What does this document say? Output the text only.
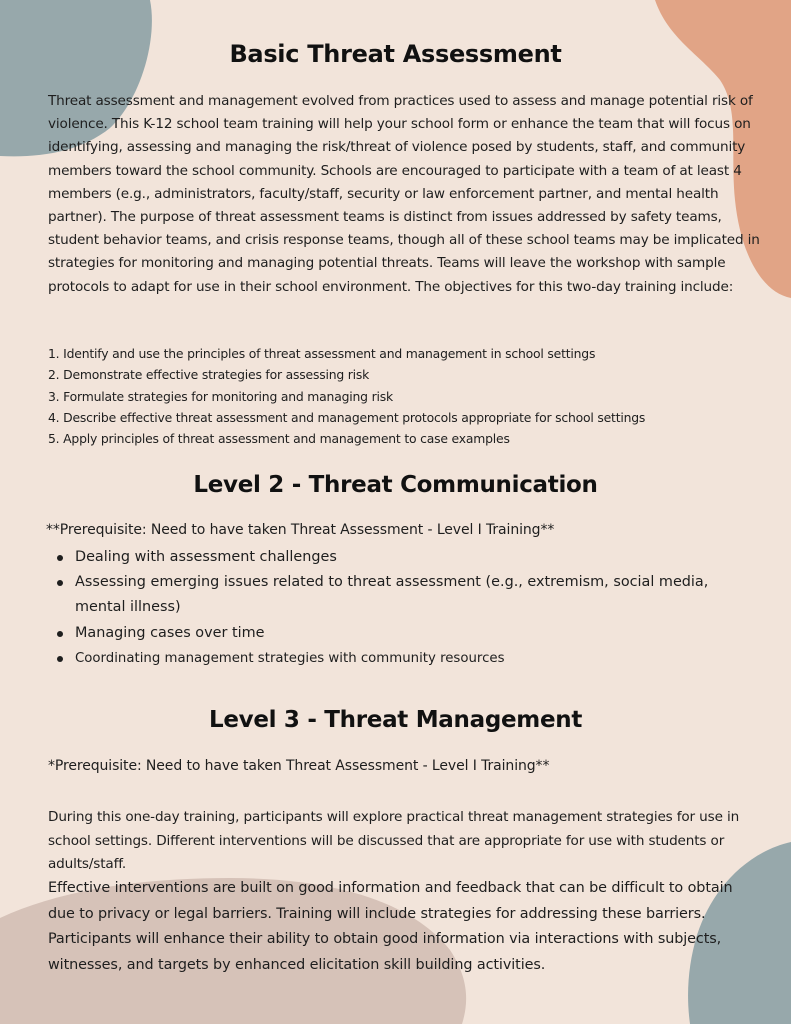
Basic Threat Assessment

Threat assessment and management evolved from practices used to assess and manage potential risk of violence. This K-12 school team training will help your school form or enhance the team that will focus on identifying, assessing and managing the risk/threat of violence posed by students, staff, and community members toward the school community. Schools are encouraged to participate with a team of at least 4 members (e.g., administrators, faculty/staff, security or law enforcement partner, and mental health partner). The purpose of threat assessment teams is distinct from issues addressed by safety teams, student behavior teams, and crisis response teams, though all of these school teams may be implicated in strategies for monitoring and managing potential threats. Teams will leave the workshop with sample protocols to adapt for use in their school environment. The objectives for this two-day training include:

1. Identify and use the principles of threat assessment and management in school settings
2. Demonstrate effective strategies for assessing risk
3. Formulate strategies for monitoring and managing risk
4. Describe effective threat assessment and management protocols appropriate for school settings
5. Apply principles of threat assessment and management to case examples
Level 2 - Threat Communication

**Prerequisite: Need to have taken Threat Assessment - Level I Training**

Dealing with assessment challenges
Assessing emerging issues related to threat assessment (e.g., extremism, social media, mental illness)
Managing cases over time
Coordinating management strategies with community resources
Level 3 - Threat Management

*Prerequisite: Need to have taken Threat Assessment - Level I Training**

During this one-day training, participants will explore practical threat management strategies for use in school settings. Different interventions will be discussed that are appropriate for use with students or adults/staff.

Effective interventions are built on good information and feedback that can be difficult to obtain due to privacy or legal barriers. Training will include strategies for addressing these barriers.

Participants will enhance their ability to obtain good information via interactions with subjects, witnesses, and targets by enhanced elicitation skill building activities.
